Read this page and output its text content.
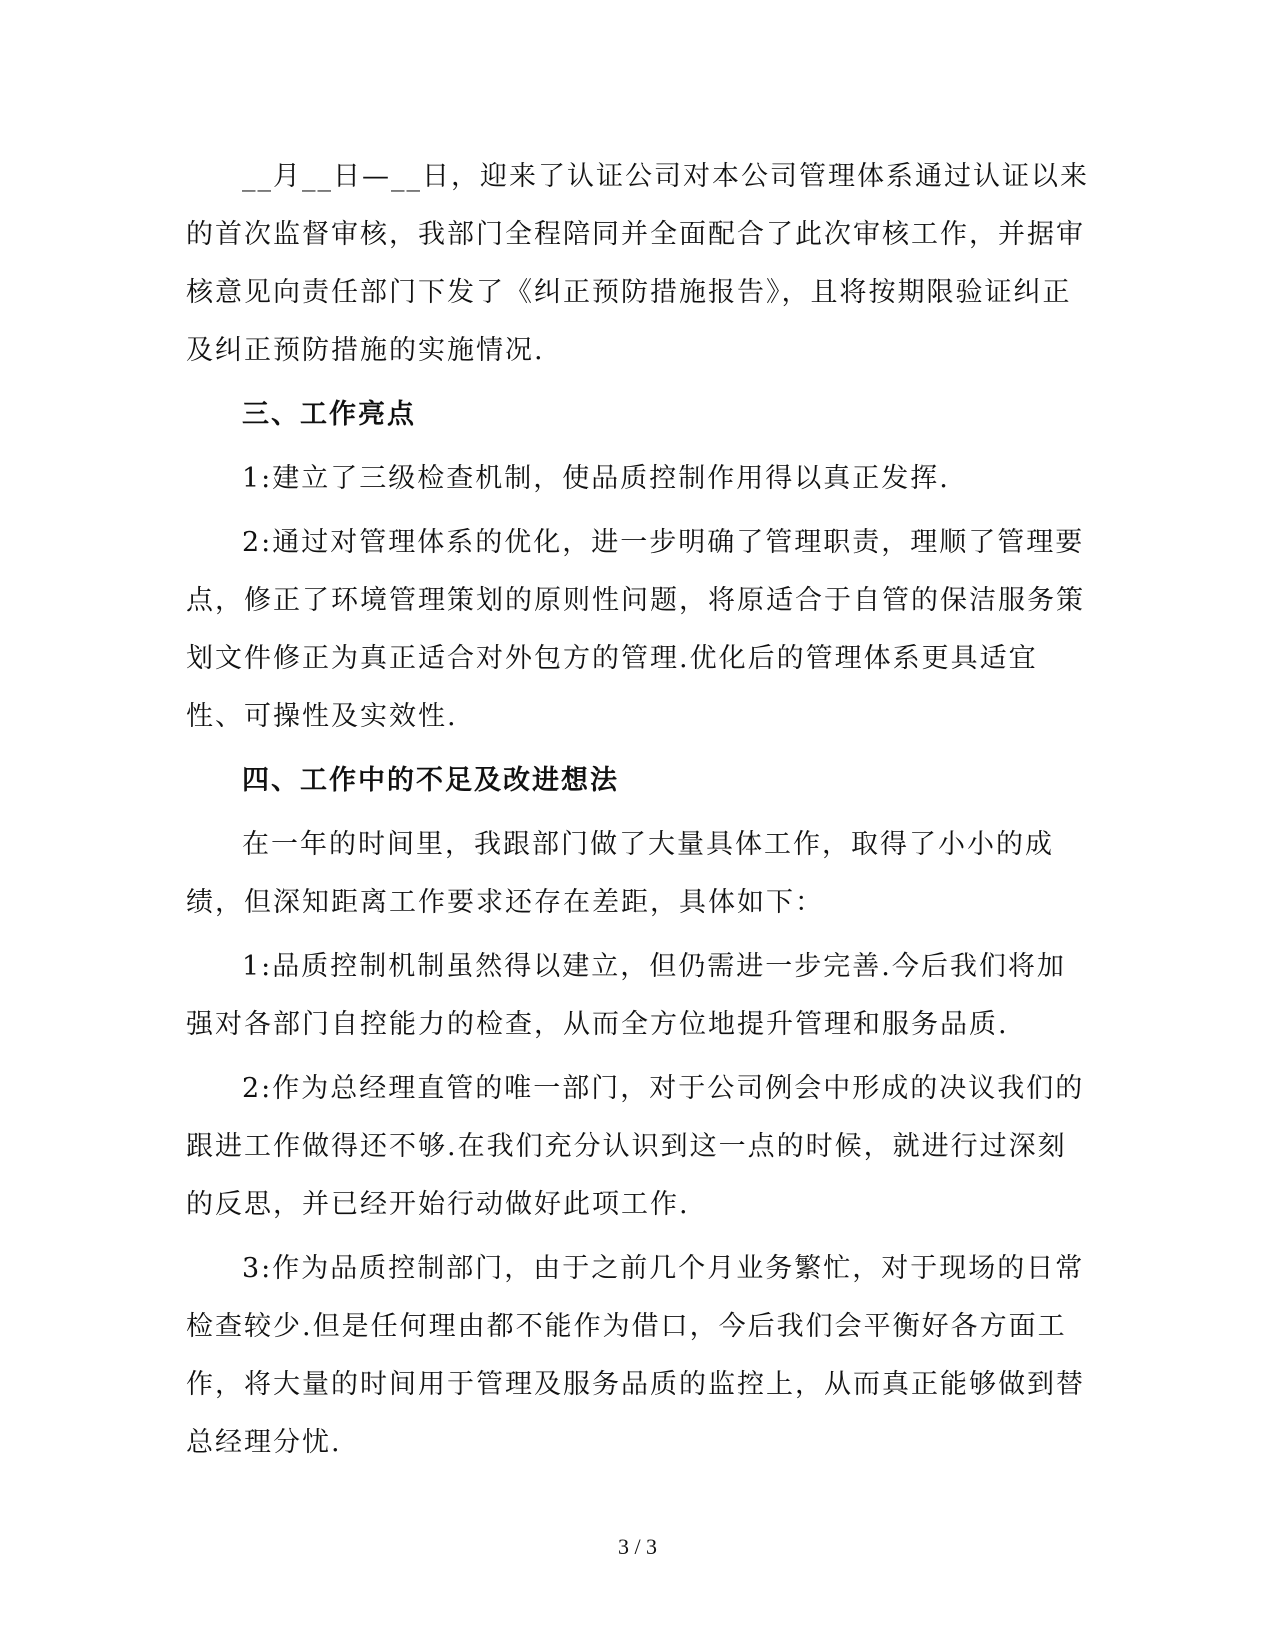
__月__日—__日，迎来了认证公司对本公司管理体系通过认证以来的首次监督审核，我部门全程陪同并全面配合了此次审核工作，并据审核意见向责任部门下发了《纠正预防措施报告》，且将按期限验证纠正及纠正预防措施的实施情况.

三、工作亮点

1:建立了三级检查机制，使品质控制作用得以真正发挥.

2:通过对管理体系的优化，进一步明确了管理职责，理顺了管理要点，修正了环境管理策划的原则性问题，将原适合于自管的保洁服务策划文件修正为真正适合对外包方的管理.优化后的管理体系更具适宜性、可操性及实效性.

四、工作中的不足及改进想法

在一年的时间里，我跟部门做了大量具体工作，取得了小小的成绩，但深知距离工作要求还存在差距，具体如下：

1:品质控制机制虽然得以建立，但仍需进一步完善.今后我们将加强对各部门自控能力的检查，从而全方位地提升管理和服务品质.

2:作为总经理直管的唯一部门，对于公司例会中形成的决议我们的跟进工作做得还不够.在我们充分认识到这一点的时候，就进行过深刻的反思，并已经开始行动做好此项工作.

3:作为品质控制部门，由于之前几个月业务繁忙，对于现场的日常检查较少.但是任何理由都不能作为借口，今后我们会平衡好各方面工作，将大量的时间用于管理及服务品质的监控上，从而真正能够做到替总经理分忧.

3 / 3
